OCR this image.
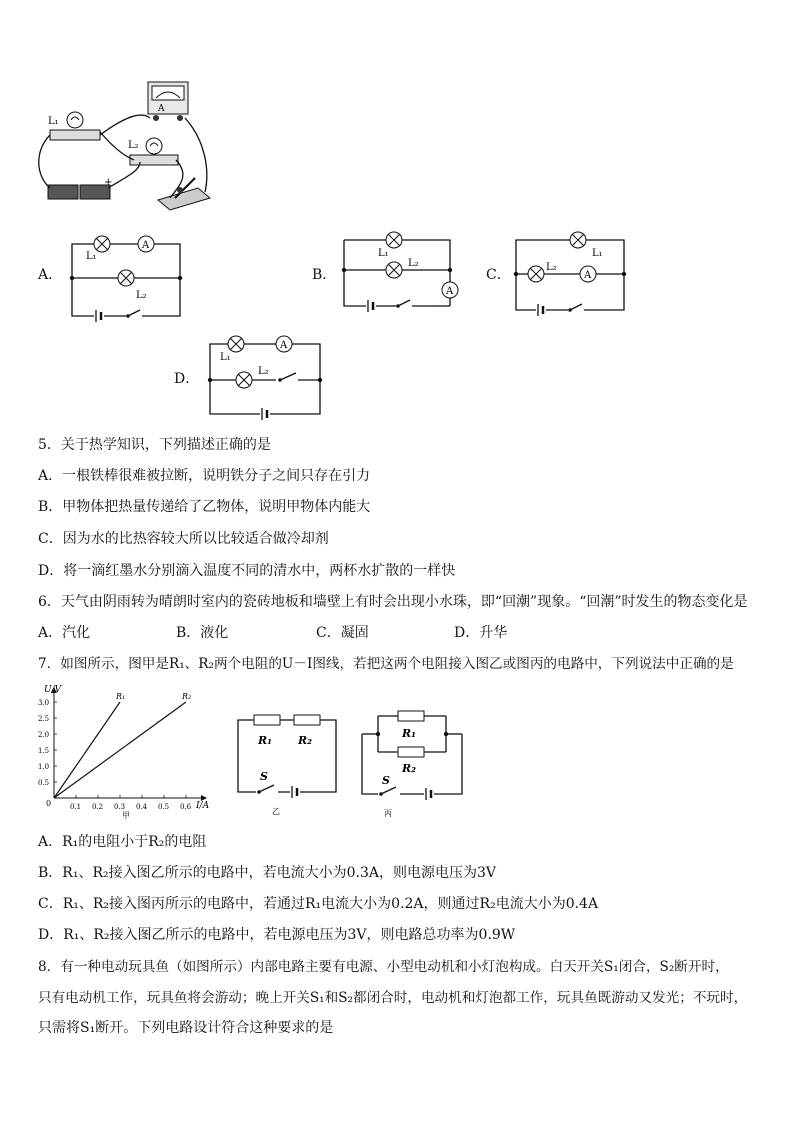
A
L₁
L₂
+
A．
A
L₁
L₂
B．
L₁
L₂
A
C．
L₁
L₂
A
D．
L₁
A
L₂
5．关于热学知识，下列描述正确的是
A．一根铁棒很难被拉断，说明铁分子之间只存在引力
B．甲物体把热量传递给了乙物体，说明甲物体内能大
C．因为水的比热容较大所以比较适合做冷却剂
D．将一滴红墨水分别滴入温度不同的清水中，两杯水扩散的一样快
6．天气由阴雨转为晴朗时室内的瓷砖地板和墙壁上有时会出现小水珠，即“回潮”现象。“回潮”时发生的物态变化是
A．汽化	B．液化	C．凝固	D．升华
7．如图所示，图甲是R₁、R₂两个电阻的U－I图线，若把这两个电阻接入图乙或图丙的电路中，下列说法中正确的是
U/V
I/A
0
3.0
2.5
2.0
1.5
1.0
0.5
0.1 0.2 0.3 0.4 0.5 0.6
R₁	R₂
甲
R₁ R₂
S
乙
R₁
R₂
S
丙
A．R₁的电阻小于R₂的电阻
B．R₁、R₂接入图乙所示的电路中，若电流大小为0.3A，则电源电压为3V
C．R₁、R₂接入图丙所示的电路中，若通过R₁电流大小为0.2A，则通过R₂电流大小为0.4A
D．R₁、R₂接入图乙所示的电路中，若电源电压为3V，则电路总功率为0.9W
8．有一种电动玩具鱼（如图所示）内部电路主要有电源、小型电动机和小灯泡构成。白天开关S₁闭合，S₂断开时，
只有电动机工作，玩具鱼将会游动；晚上开关S₁和S₂都闭合时，电动机和灯泡都工作，玩具鱼既游动又发光；不玩时，
只需将S₁断开。下列电路设计符合这种要求的是
